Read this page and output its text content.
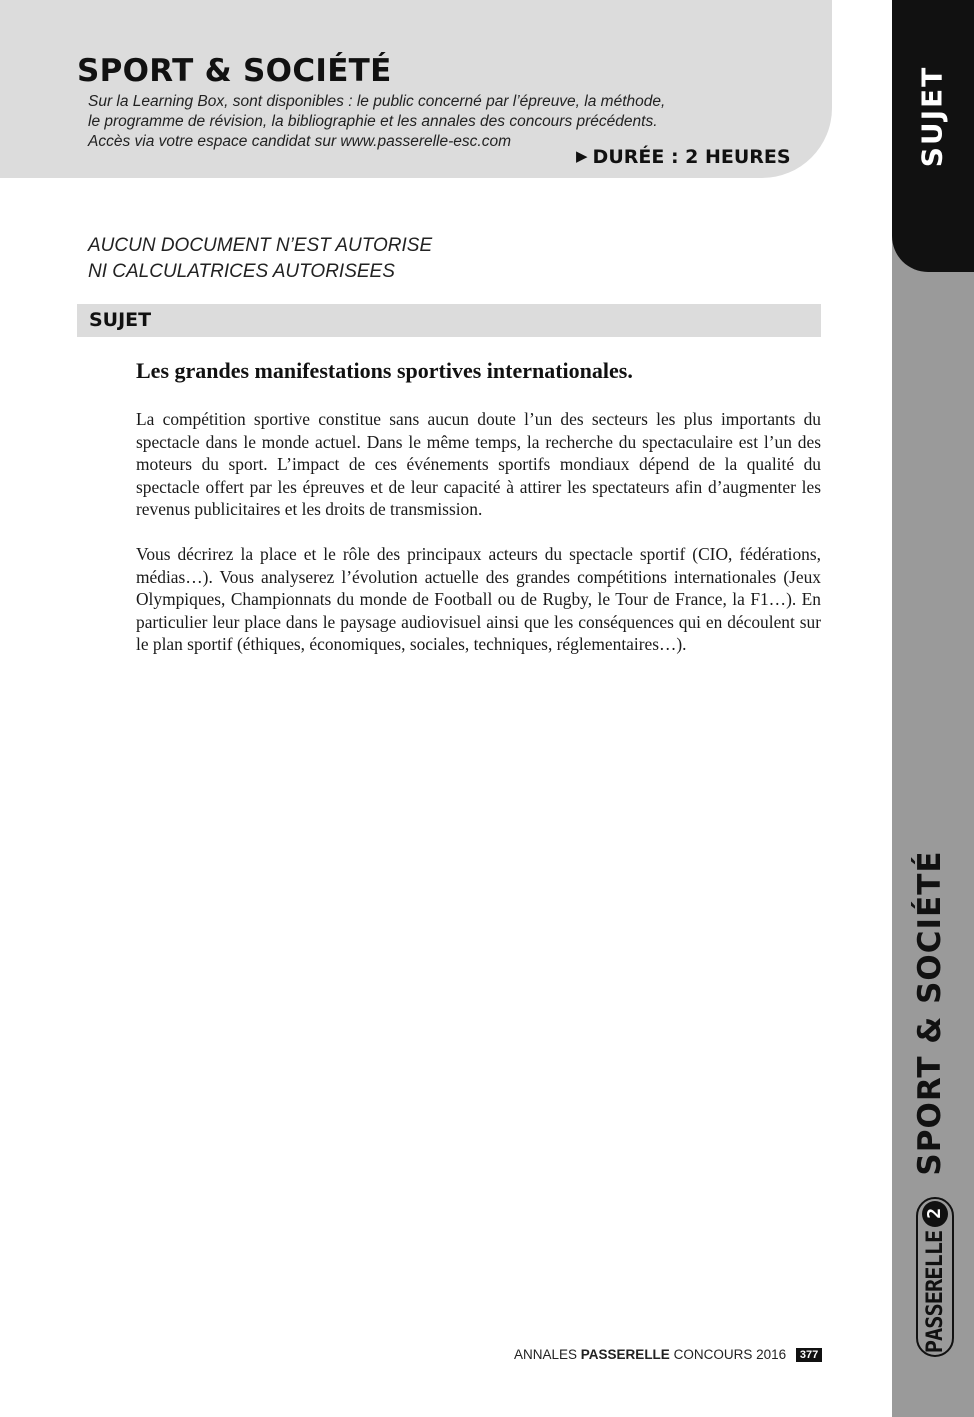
SPORT & SOCIÉTÉ
Sur la Learning Box, sont disponibles : le public concerné par l’épreuve, la méthode,
le programme de révision, la bibliographie et les annales des concours précédents.
Accès via votre espace candidat sur www.passerelle-esc.com
▶ DURÉE : 2 HEURES	SUJET
SPORT & SOCIÉTÉ
PASSERELLE
2
AUCUN DOCUMENT N’EST AUTORISE
NI CALCULATRICES AUTORISEES
SUJET
Les grandes manifestations sportives internationales.

La compétition sportive constitue sans aucun doute l’un des secteurs les plus importants du spectacle dans le monde actuel. Dans le même temps, la recherche du spectaculaire est l’un des moteurs du sport. L’impact de ces événements sportifs mondiaux dépend de la qualité du spectacle offert par les épreuves et de leur capacité à attirer les spectateurs afin d’augmenter les revenus publicitaires et les droits de transmission.

Vous décrirez la place et le rôle des principaux acteurs du spectacle sportif (CIO, fédérations, médias…). Vous analyserez l’évolution actuelle des grandes compétitions internationales (Jeux Olympiques, Championnats du monde de Football ou de Rugby, le Tour de France, la F1…). En particulier leur place dans le paysage audiovisuel ainsi que les conséquences qui en découlent sur le plan sportif (éthiques, économiques, sociales, techniques, réglementaires…).

ANNALES PASSERELLE CONCOURS 2016 377
